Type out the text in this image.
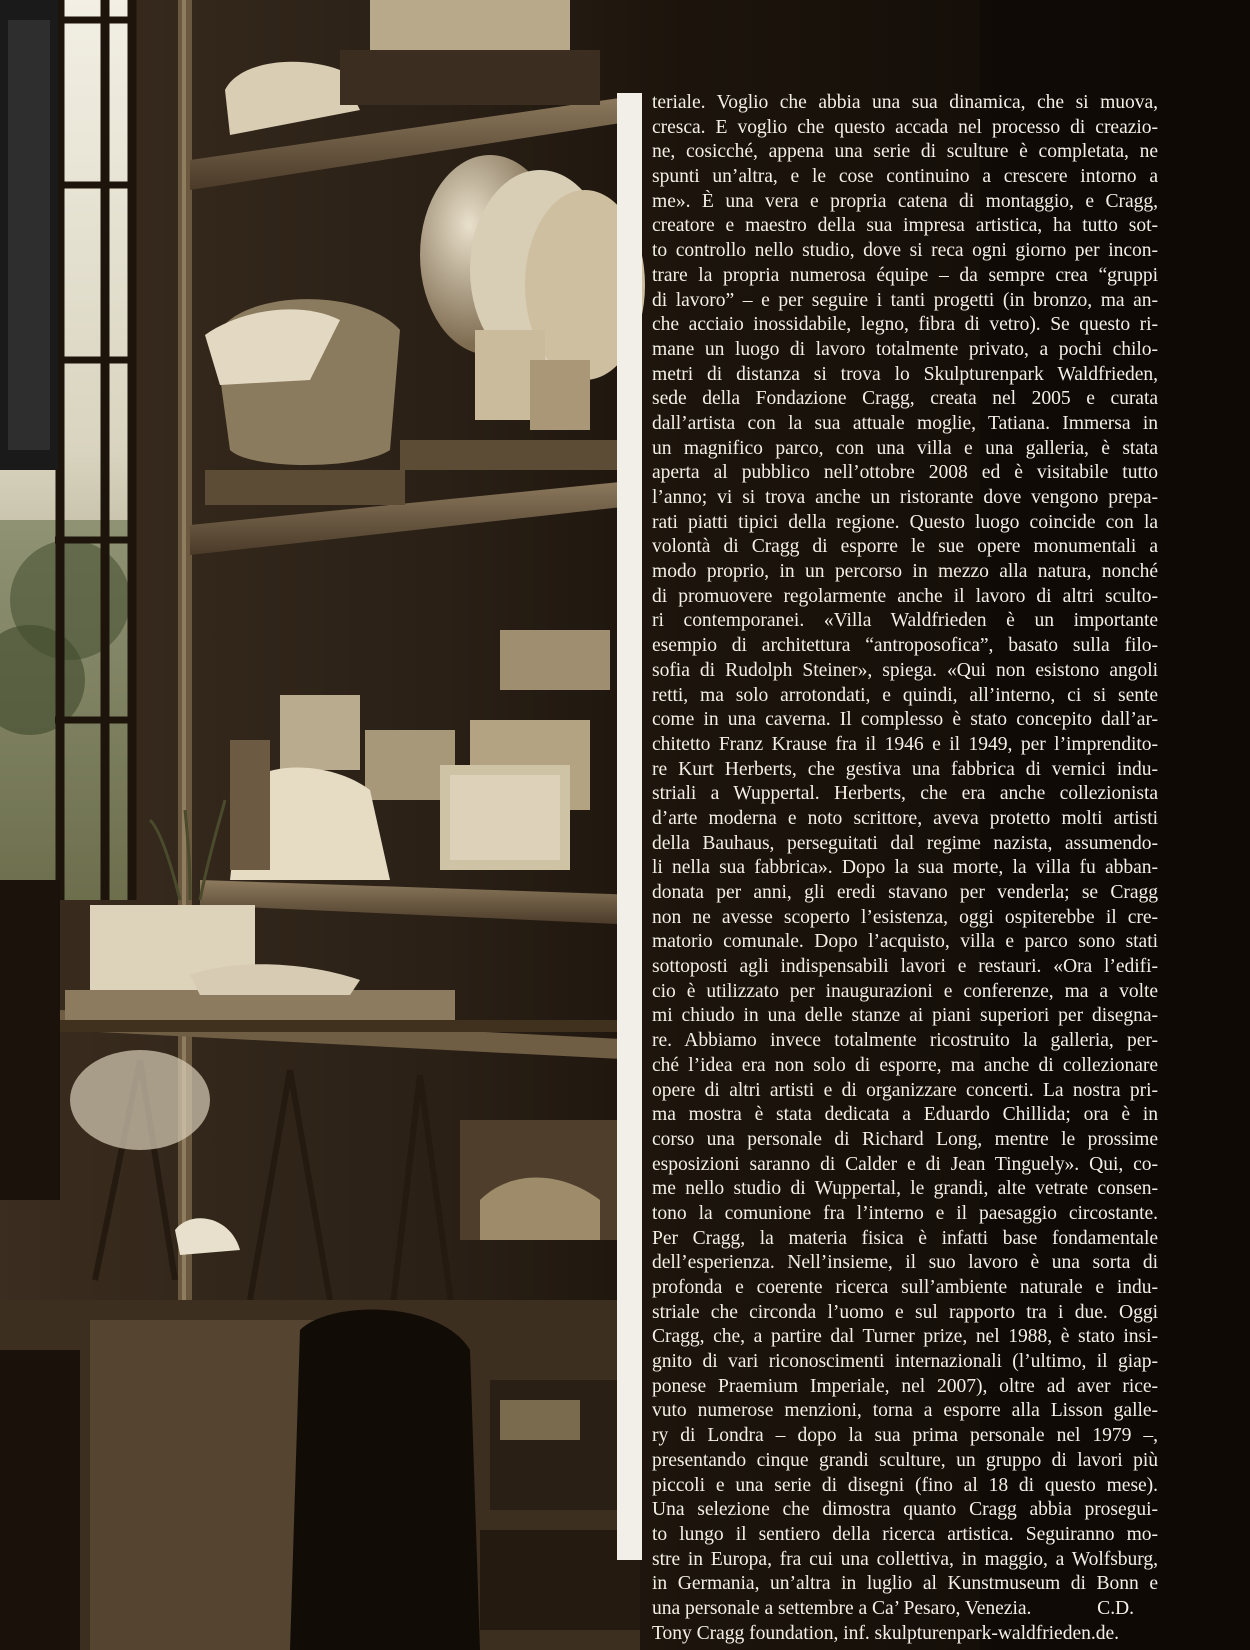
teriale. Voglio che abbia una sua dinamica, che si muova,
cresca. E voglio che questo accada nel processo di creazio-
ne, cosicché, appena una serie di sculture è completata, ne
spunti un’altra, e le cose continuino a crescere intorno a
me». È una vera e propria catena di montaggio, e Cragg,
creatore e maestro della sua impresa artistica, ha tutto sot-
to controllo nello studio, dove si reca ogni giorno per incon-
trare la propria numerosa équipe – da sempre crea “gruppi
di lavoro” – e per seguire i tanti progetti (in bronzo, ma an-
che acciaio inossidabile, legno, fibra di vetro). Se questo ri-
mane un luogo di lavoro totalmente privato, a pochi chilo-
metri di distanza si trova lo Skulpturenpark Waldfrieden,
sede della Fondazione Cragg, creata nel 2005 e curata
dall’artista con la sua attuale moglie, Tatiana. Immersa in
un magnifico parco, con una villa e una galleria, è stata
aperta al pubblico nell’ottobre 2008 ed è visitabile tutto
l’anno; vi si trova anche un ristorante dove vengono prepa-
rati piatti tipici della regione. Questo luogo coincide con la
volontà di Cragg di esporre le sue opere monumentali a
modo proprio, in un percorso in mezzo alla natura, nonché
di promuovere regolarmente anche il lavoro di altri sculto-
ri contemporanei. «Villa Waldfrieden è un importante
esempio di architettura “antroposofica”, basato sulla filo-
sofia di Rudolph Steiner», spiega. «Qui non esistono angoli
retti, ma solo arrotondati, e quindi, all’interno, ci si sente
come in una caverna. Il complesso è stato concepito dall’ar-
chitetto Franz Krause fra il 1946 e il 1949, per l’imprendito-
re Kurt Herberts, che gestiva una fabbrica di vernici indu-
striali a Wuppertal. Herberts, che era anche collezionista
d’arte moderna e noto scrittore, aveva protetto molti artisti
della Bauhaus, perseguitati dal regime nazista, assumendo-
li nella sua fabbrica». Dopo la sua morte, la villa fu abban-
donata per anni, gli eredi stavano per venderla; se Cragg
non ne avesse scoperto l’esistenza, oggi ospiterebbe il cre-
matorio comunale. Dopo l’acquisto, villa e parco sono stati
sottoposti agli indispensabili lavori e restauri. «Ora l’edifi-
cio è utilizzato per inaugurazioni e conferenze, ma a volte
mi chiudo in una delle stanze ai piani superiori per disegna-
re. Abbiamo invece totalmente ricostruito la galleria, per-
ché l’idea era non solo di esporre, ma anche di collezionare
opere di altri artisti e di organizzare concerti. La nostra pri-
ma mostra è stata dedicata a Eduardo Chillida; ora è in
corso una personale di Richard Long, mentre le prossime
esposizioni saranno di Calder e di Jean Tinguely». Qui, co-
me nello studio di Wuppertal, le grandi, alte vetrate consen-
tono la comunione fra l’interno e il paesaggio circostante.
Per Cragg, la materia fisica è infatti base fondamentale
dell’esperienza. Nell’insieme, il suo lavoro è una sorta di
profonda e coerente ricerca sull’ambiente naturale e indu-
striale che circonda l’uomo e sul rapporto tra i due. Oggi
Cragg, che, a partire dal Turner prize, nel 1988, è stato insi-
gnito di vari riconoscimenti internazionali (l’ultimo, il giap-
ponese Praemium Imperiale, nel 2007), oltre ad aver rice-
vuto numerose menzioni, torna a esporre alla Lisson galle-
ry di Londra – dopo la sua prima personale nel 1979 –,
presentando cinque grandi sculture, un gruppo di lavori più
piccoli e una serie di disegni (fino al 18 di questo mese).
Una selezione che dimostra quanto Cragg abbia prosegui-
to lungo il sentiero della ricerca artistica. Seguiranno mo-
stre in Europa, fra cui una collettiva, in maggio, a Wolfsburg,
in Germania, un’altra in luglio al Kunstmuseum di Bonn e
una personale a settembre a Ca’ Pesaro, Venezia.	C.D.
Tony Cragg foundation, inf. skulpturenpark-waldfrieden.de.
